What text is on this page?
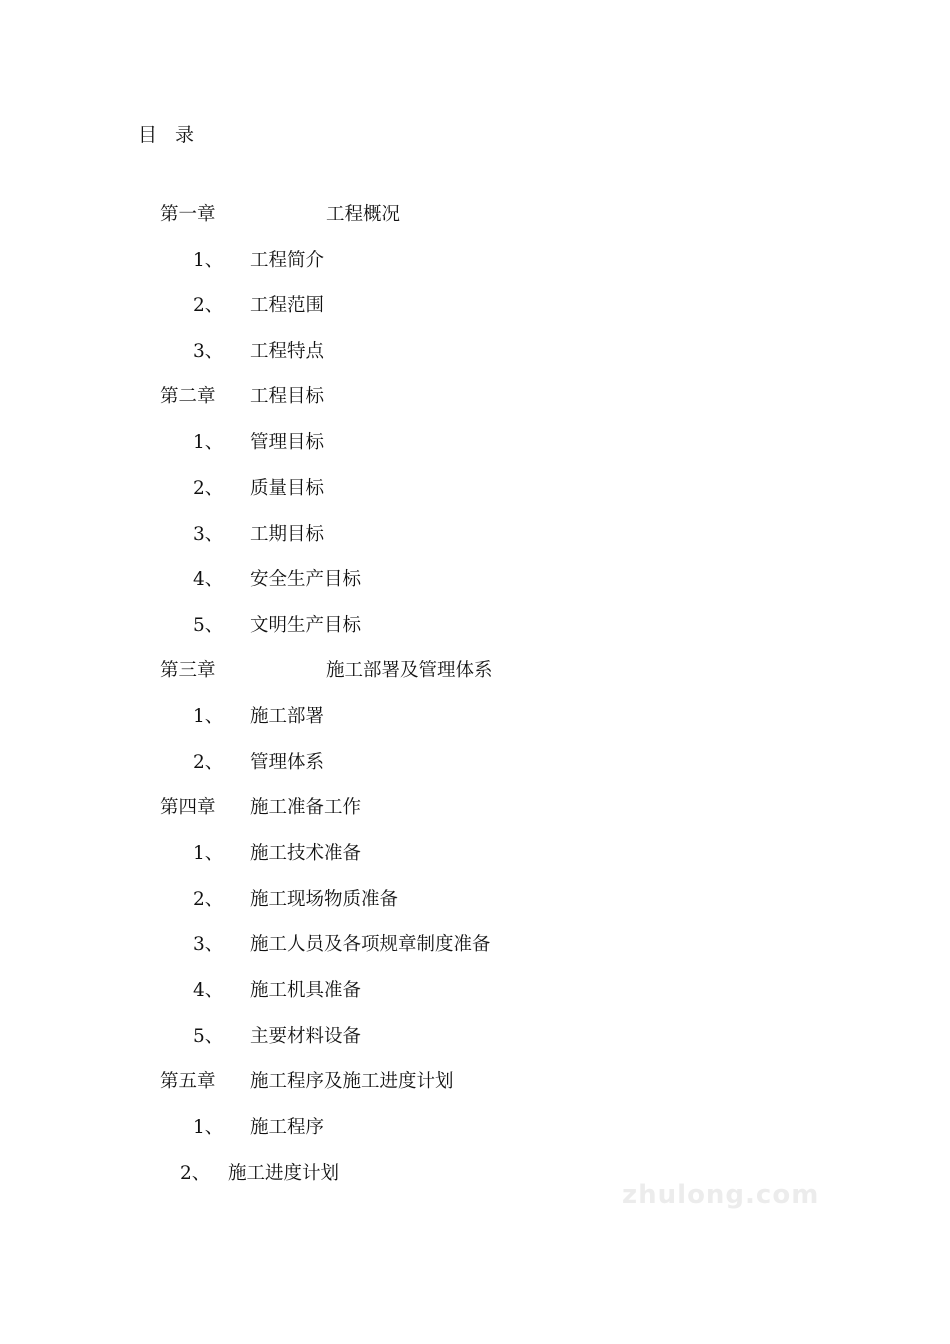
目 录
第一章	工程概况
1、 工程简介
2、 工程范围
3、 工程特点
第二章 工程目标
1、 管理目标
2、 质量目标
3、 工期目标
4、 安全生产目标
5、 文明生产目标
第三章	施工部署及管理体系
1、 施工部署
2、 管理体系
第四章 施工准备工作
1、 施工技术准备
2、 施工现场物质准备
3、 施工人员及各项规章制度准备
4、 施工机具准备
5、 主要材料设备
第五章 施工程序及施工进度计划
1、 施工程序
2、 施工进度计划
zhulong.com
